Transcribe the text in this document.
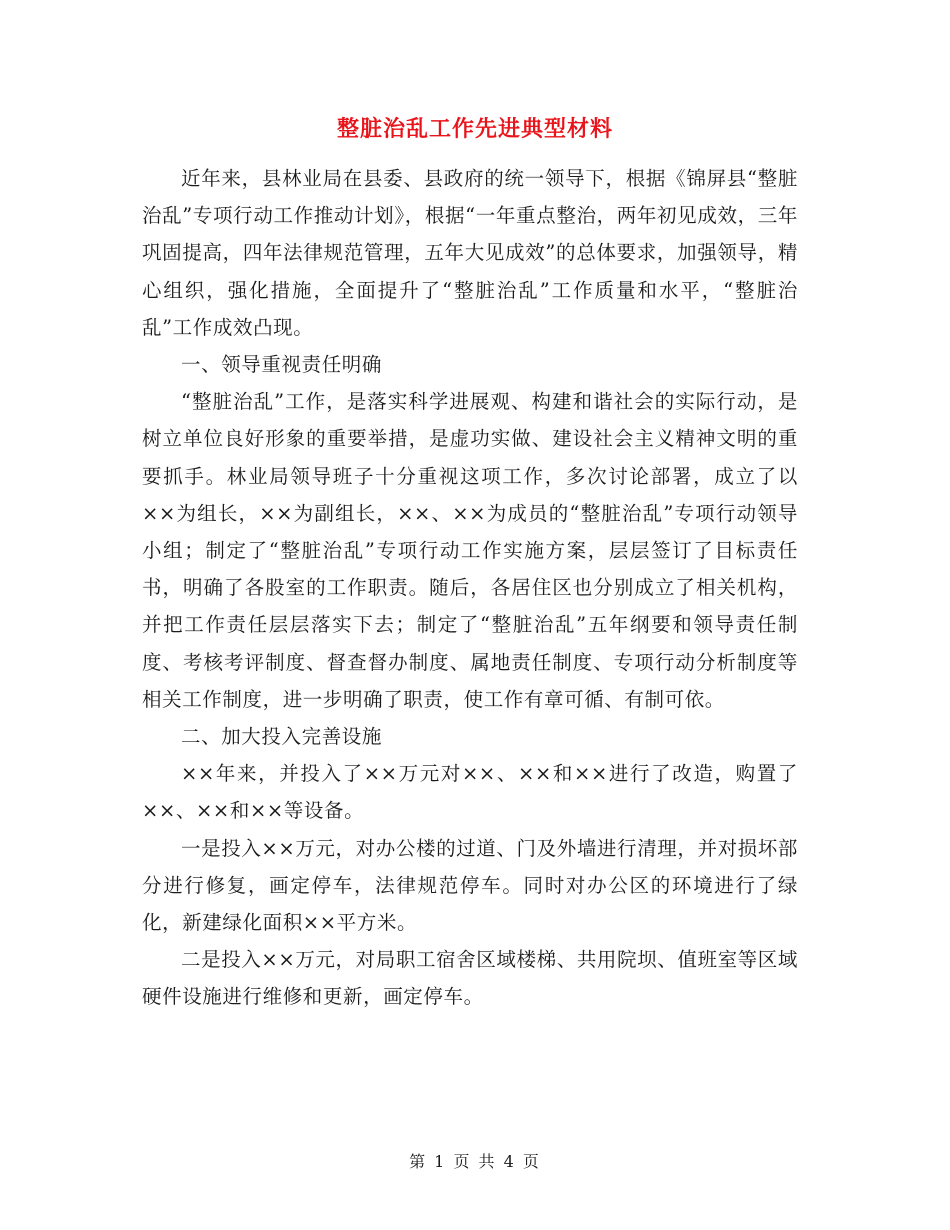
整脏治乱工作先进典型材料

近年来，县林业局在县委、县政府的统一领导下，根据《锦屏县“整脏治乱”专项行动工作推动计划》，根据“一年重点整治，两年初见成效，三年巩固提高，四年法律规范管理，五年大见成效”的总体要求，加强领导，精心组织，强化措施，全面提升了“整脏治乱”工作质量和水平，“整脏治乱”工作成效凸现。

一、领导重视责任明确

“整脏治乱”工作，是落实科学进展观、构建和谐社会的实际行动，是树立单位良好形象的重要举措，是虚功实做、建设社会主义精神文明的重要抓手。林业局领导班子十分重视这项工作，多次讨论部署，成立了以××为组长，××为副组长，××、××为成员的“整脏治乱”专项行动领导小组；制定了“整脏治乱”专项行动工作实施方案，层层签订了目标责任书，明确了各股室的工作职责。随后，各居住区也分别成立了相关机构，并把工作责任层层落实下去；制定了“整脏治乱”五年纲要和领导责任制度、考核考评制度、督查督办制度、属地责任制度、专项行动分析制度等相关工作制度，进一步明确了职责，使工作有章可循、有制可依。

二、加大投入完善设施

××年来，并投入了××万元对××、××和××进行了改造，购置了××、××和××等设备。

一是投入××万元，对办公楼的过道、门及外墙进行清理，并对损坏部分进行修复，画定停车，法律规范停车。同时对办公区的环境进行了绿化，新建绿化面积××平方米。

二是投入××万元，对局职工宿舍区域楼梯、共用院坝、值班室等区域硬件设施进行维修和更新，画定停车。

第 1 页 共 4 页
